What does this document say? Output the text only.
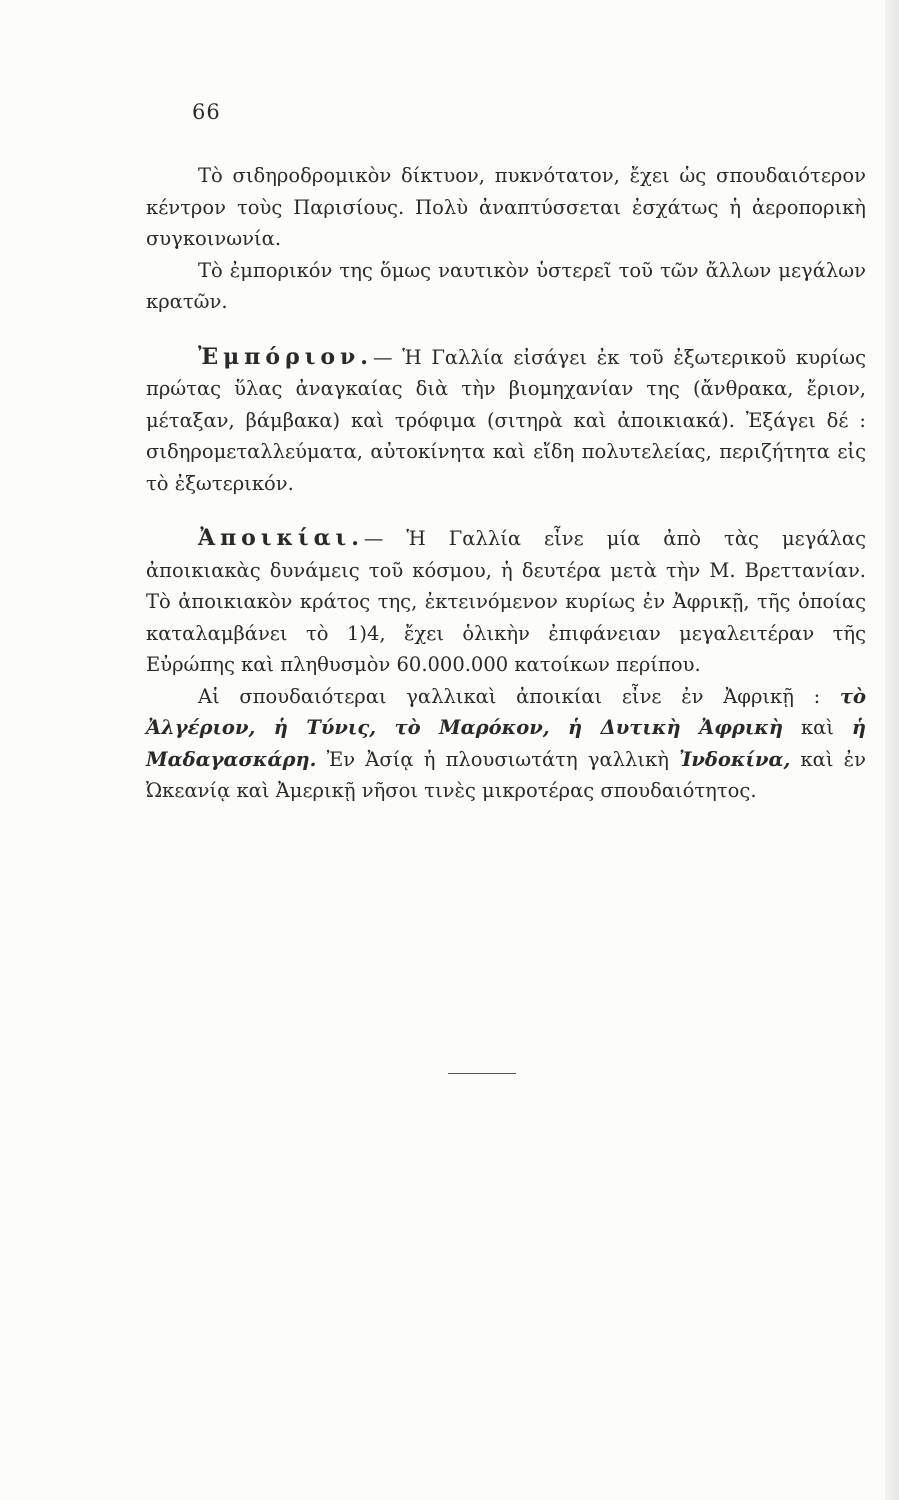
66

Τὸ σιδηροδρομικὸν δίκτυον, πυκνότατον, ἔχει ὡς σπουδαιότερον κέντρον τοὺς Παρισίους. Πολὺ ἀναπτύσσεται ἐσχάτως ἡ ἀεροπορικὴ συγκοινωνία.

Τὸ ἐμπορικόν της ὅμως ναυτικὸν ὑστερεῖ τοῦ τῶν ἄλλων μεγάλων κρατῶν.

Ἐμπόριον.— Ἡ Γαλλία εἰσάγει ἐκ τοῦ ἐξωτερικοῦ κυρίως πρώτας ὕλας ἀναγκαίας διὰ τὴν βιομηχανίαν της (ἄνθρακα, ἔριον, μέταξαν, βάμβακα) καὶ τρόφιμα (σιτηρὰ καὶ ἀποικιακά). Ἐξάγει δέ : σιδηρομεταλλεύματα, αὐτοκίνητα καὶ εἴδη πολυτελείας, περιζήτητα εἰς τὸ ἐξωτερικόν.

Ἀποικίαι.— Ἡ Γαλλία εἶνε μία ἀπὸ τὰς μεγάλας ἀποικιακὰς δυνάμεις τοῦ κόσμου, ἡ δευτέρα μετὰ τὴν Μ. Βρεττανίαν. Τὸ ἀποικιακὸν κράτος της, ἐκτεινόμενον κυρίως ἐν Ἀφρικῇ, τῆς ὁποίας καταλαμβάνει τὸ 1)4, ἔχει ὁλικὴν ἐπιφάνειαν μεγαλειτέραν τῆς Εὐρώπης καὶ πληθυσμὸν 60.000.000 κατοίκων περίπου.

Αἱ σπουδαιότεραι γαλλικαὶ ἀποικίαι εἶνε ἐν Ἀφρικῇ : τὸ Ἀλγέριον, ἡ Τύνις, τὸ Μαρόκον, ἡ Δυτικὴ Ἀφρικὴ καὶ ἡ Μαδαγασκάρη. Ἐν Ἀσίᾳ ἡ πλουσιωτάτη γαλλικὴ Ἰνδοκίνα, καὶ ἐν Ὠκεανίᾳ καὶ Ἀμερικῇ νῆσοι τινὲς μικροτέρας σπουδαιότητος.
